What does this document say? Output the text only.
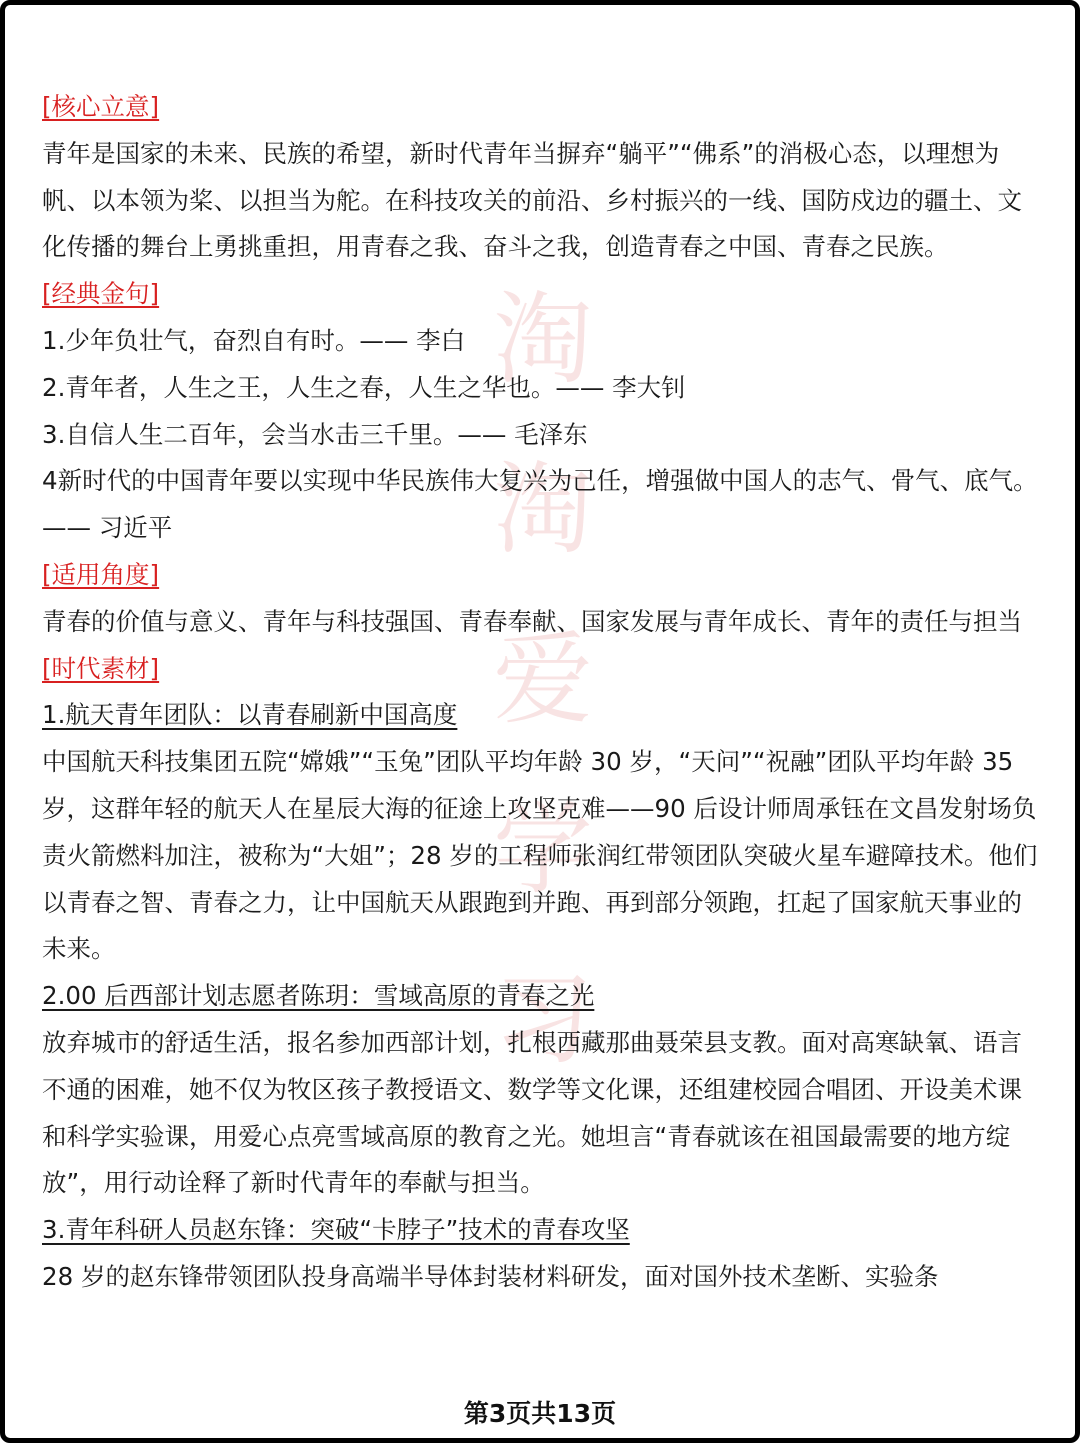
淘
淘
爱
学
习
[核心立意]

青年是国家的未来、民族的希望，新时代青年当摒弃“躺平”“佛系”的消极心态，以理想为帆、以本领为桨、以担当为舵。在科技攻关的前沿、乡村振兴的一线、国防戍边的疆土、文化传播的舞台上勇挑重担，用青春之我、奋斗之我，创造青春之中国、青春之民族。

[经典金句]

1.少年负壮气，奋烈自有时。—— 李白

2.青年者，人生之王，人生之春，人生之华也。—— 李大钊

3.自信人生二百年，会当水击三千里。—— 毛泽东

4新时代的中国青年要以实现中华民族伟大复兴为己任，增强做中国人的志气、骨气、底气。—— 习近平

[适用角度]

青春的价值与意义、青年与科技强国、青春奉献、国家发展与青年成长、青年的责任与担当

[时代素材]
1.航天青年团队：以青春刷新中国高度

中国航天科技集团五院“嫦娥”“玉兔”团队平均年龄 30 岁，“天问”“祝融”团队平均年龄 35 岁，这群年轻的航天人在星辰大海的征途上攻坚克难——90 后设计师周承钰在文昌发射场负责火箭燃料加注，被称为“大姐”；28 岁的工程师张润红带领团队突破火星车避障技术。他们以青春之智、青春之力，让中国航天从跟跑到并跑、再到部分领跑，扛起了国家航天事业的未来。

2.00 后西部计划志愿者陈玥：雪域高原的青春之光

放弃城市的舒适生活，报名参加西部计划，扎根西藏那曲聂荣县支教。面对高寒缺氧、语言不通的困难，她不仅为牧区孩子教授语文、数学等文化课，还组建校园合唱团、开设美术课和科学实验课，用爱心点亮雪域高原的教育之光。她坦言“青春就该在祖国最需要的地方绽放”，用行动诠释了新时代青年的奉献与担当。

3.青年科研人员赵东锋：突破“卡脖子”技术的青春攻坚

28 岁的赵东锋带领团队投身高端半导体封装材料研发，面对国外技术垄断、实验条

第3页共13页
